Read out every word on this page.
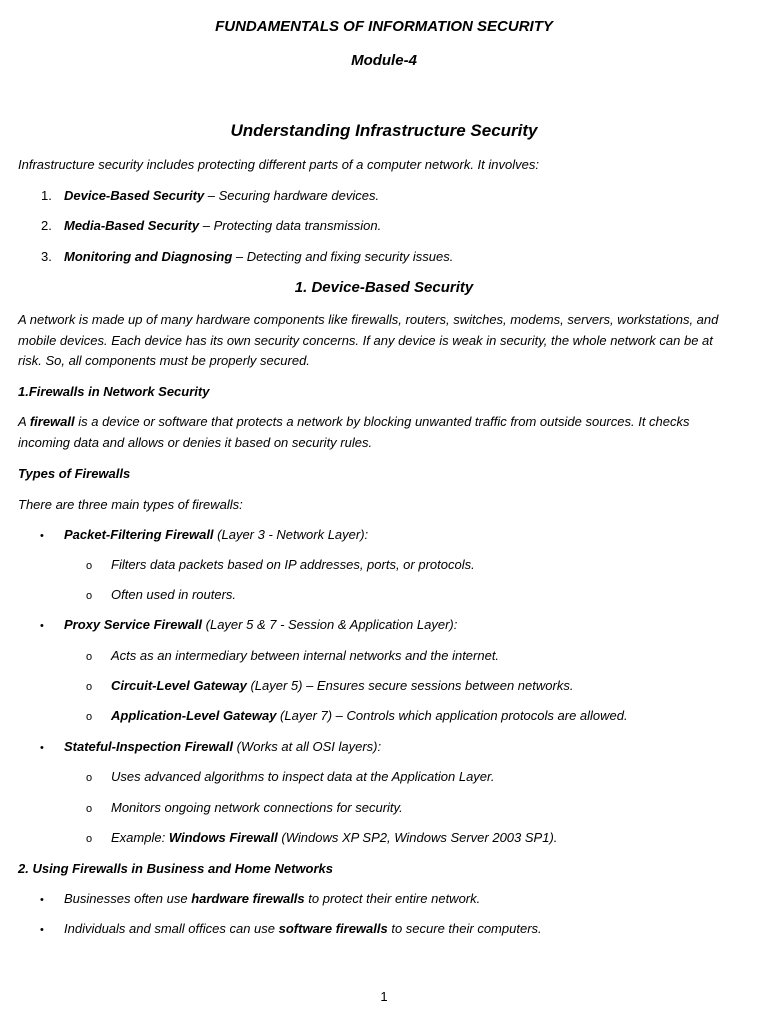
FUNDAMENTALS OF INFORMATION SECURITY
Module-4
Understanding Infrastructure Security
Infrastructure security includes protecting different parts of a computer network. It involves:
1. Device-Based Security – Securing hardware devices.
2. Media-Based Security – Protecting data transmission.
3. Monitoring and Diagnosing – Detecting and fixing security issues.
1. Device-Based Security
A network is made up of many hardware components like firewalls, routers, switches, modems, servers, workstations, and mobile devices. Each device has its own security concerns. If any device is weak in security, the whole network can be at risk. So, all components must be properly secured.
1.Firewalls in Network Security
A firewall is a device or software that protects a network by blocking unwanted traffic from outside sources. It checks incoming data and allows or denies it based on security rules.
Types of Firewalls
There are three main types of firewalls:
• Packet-Filtering Firewall (Layer 3 - Network Layer):
o Filters data packets based on IP addresses, ports, or protocols.
o Often used in routers.
• Proxy Service Firewall (Layer 5 & 7 - Session & Application Layer):
o Acts as an intermediary between internal networks and the internet.
o Circuit-Level Gateway (Layer 5) – Ensures secure sessions between networks.
o Application-Level Gateway (Layer 7) – Controls which application protocols are allowed.
• Stateful-Inspection Firewall (Works at all OSI layers):
o Uses advanced algorithms to inspect data at the Application Layer.
o Monitors ongoing network connections for security.
o Example: Windows Firewall (Windows XP SP2, Windows Server 2003 SP1).
2. Using Firewalls in Business and Home Networks
• Businesses often use hardware firewalls to protect their entire network.
• Individuals and small offices can use software firewalls to secure their computers.
1
